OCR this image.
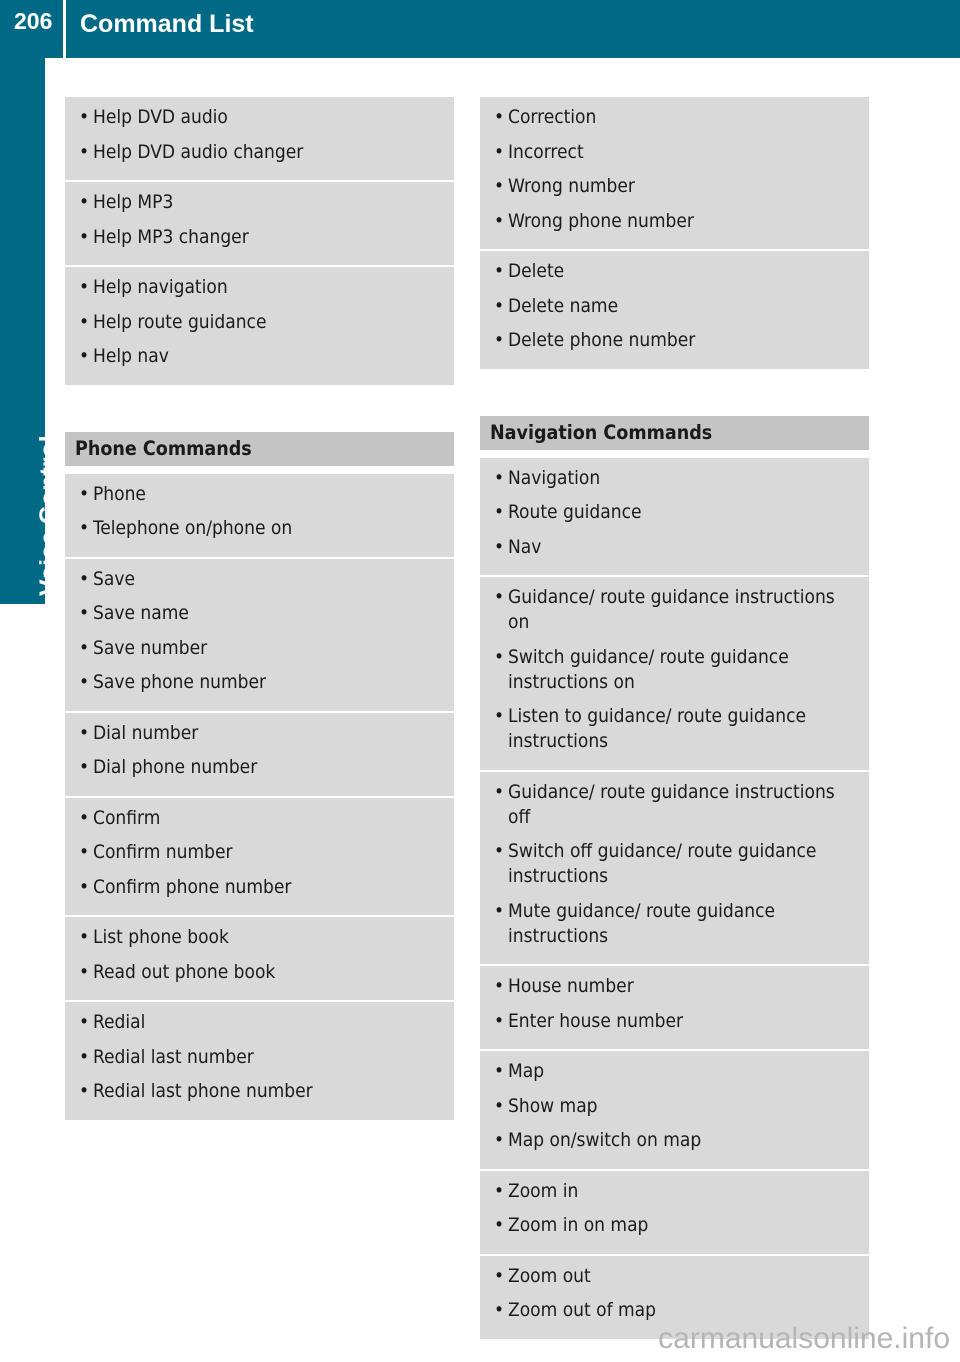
206 Command List
Voice Control
• Help DVD audio
• Help DVD audio changer
• Help MP3
• Help MP3 changer
• Help navigation
• Help route guidance
• Help nav
Phone Commands
• Phone
• Telephone on/phone on
• Save
• Save name
• Save number
• Save phone number
• Dial number
• Dial phone number
• Confirm
• Confirm number
• Confirm phone number
• List phone book
• Read out phone book
• Redial
• Redial last number
• Redial last phone number
• Correction
• Incorrect
• Wrong number
• Wrong phone number
• Delete
• Delete name
• Delete phone number
Navigation Commands
• Navigation
• Route guidance
• Nav
• Guidance/ route guidance instructions on
• Switch guidance/ route guidance instructions on
• Listen to guidance/ route guidance instructions
• Guidance/ route guidance instructions off
• Switch off guidance/ route guidance instructions
• Mute guidance/ route guidance instructions
• House number
• Enter house number
• Map
• Show map
• Map on/switch on map
• Zoom in
• Zoom in on map
• Zoom out
• Zoom out of map
carmanualsonline.info
